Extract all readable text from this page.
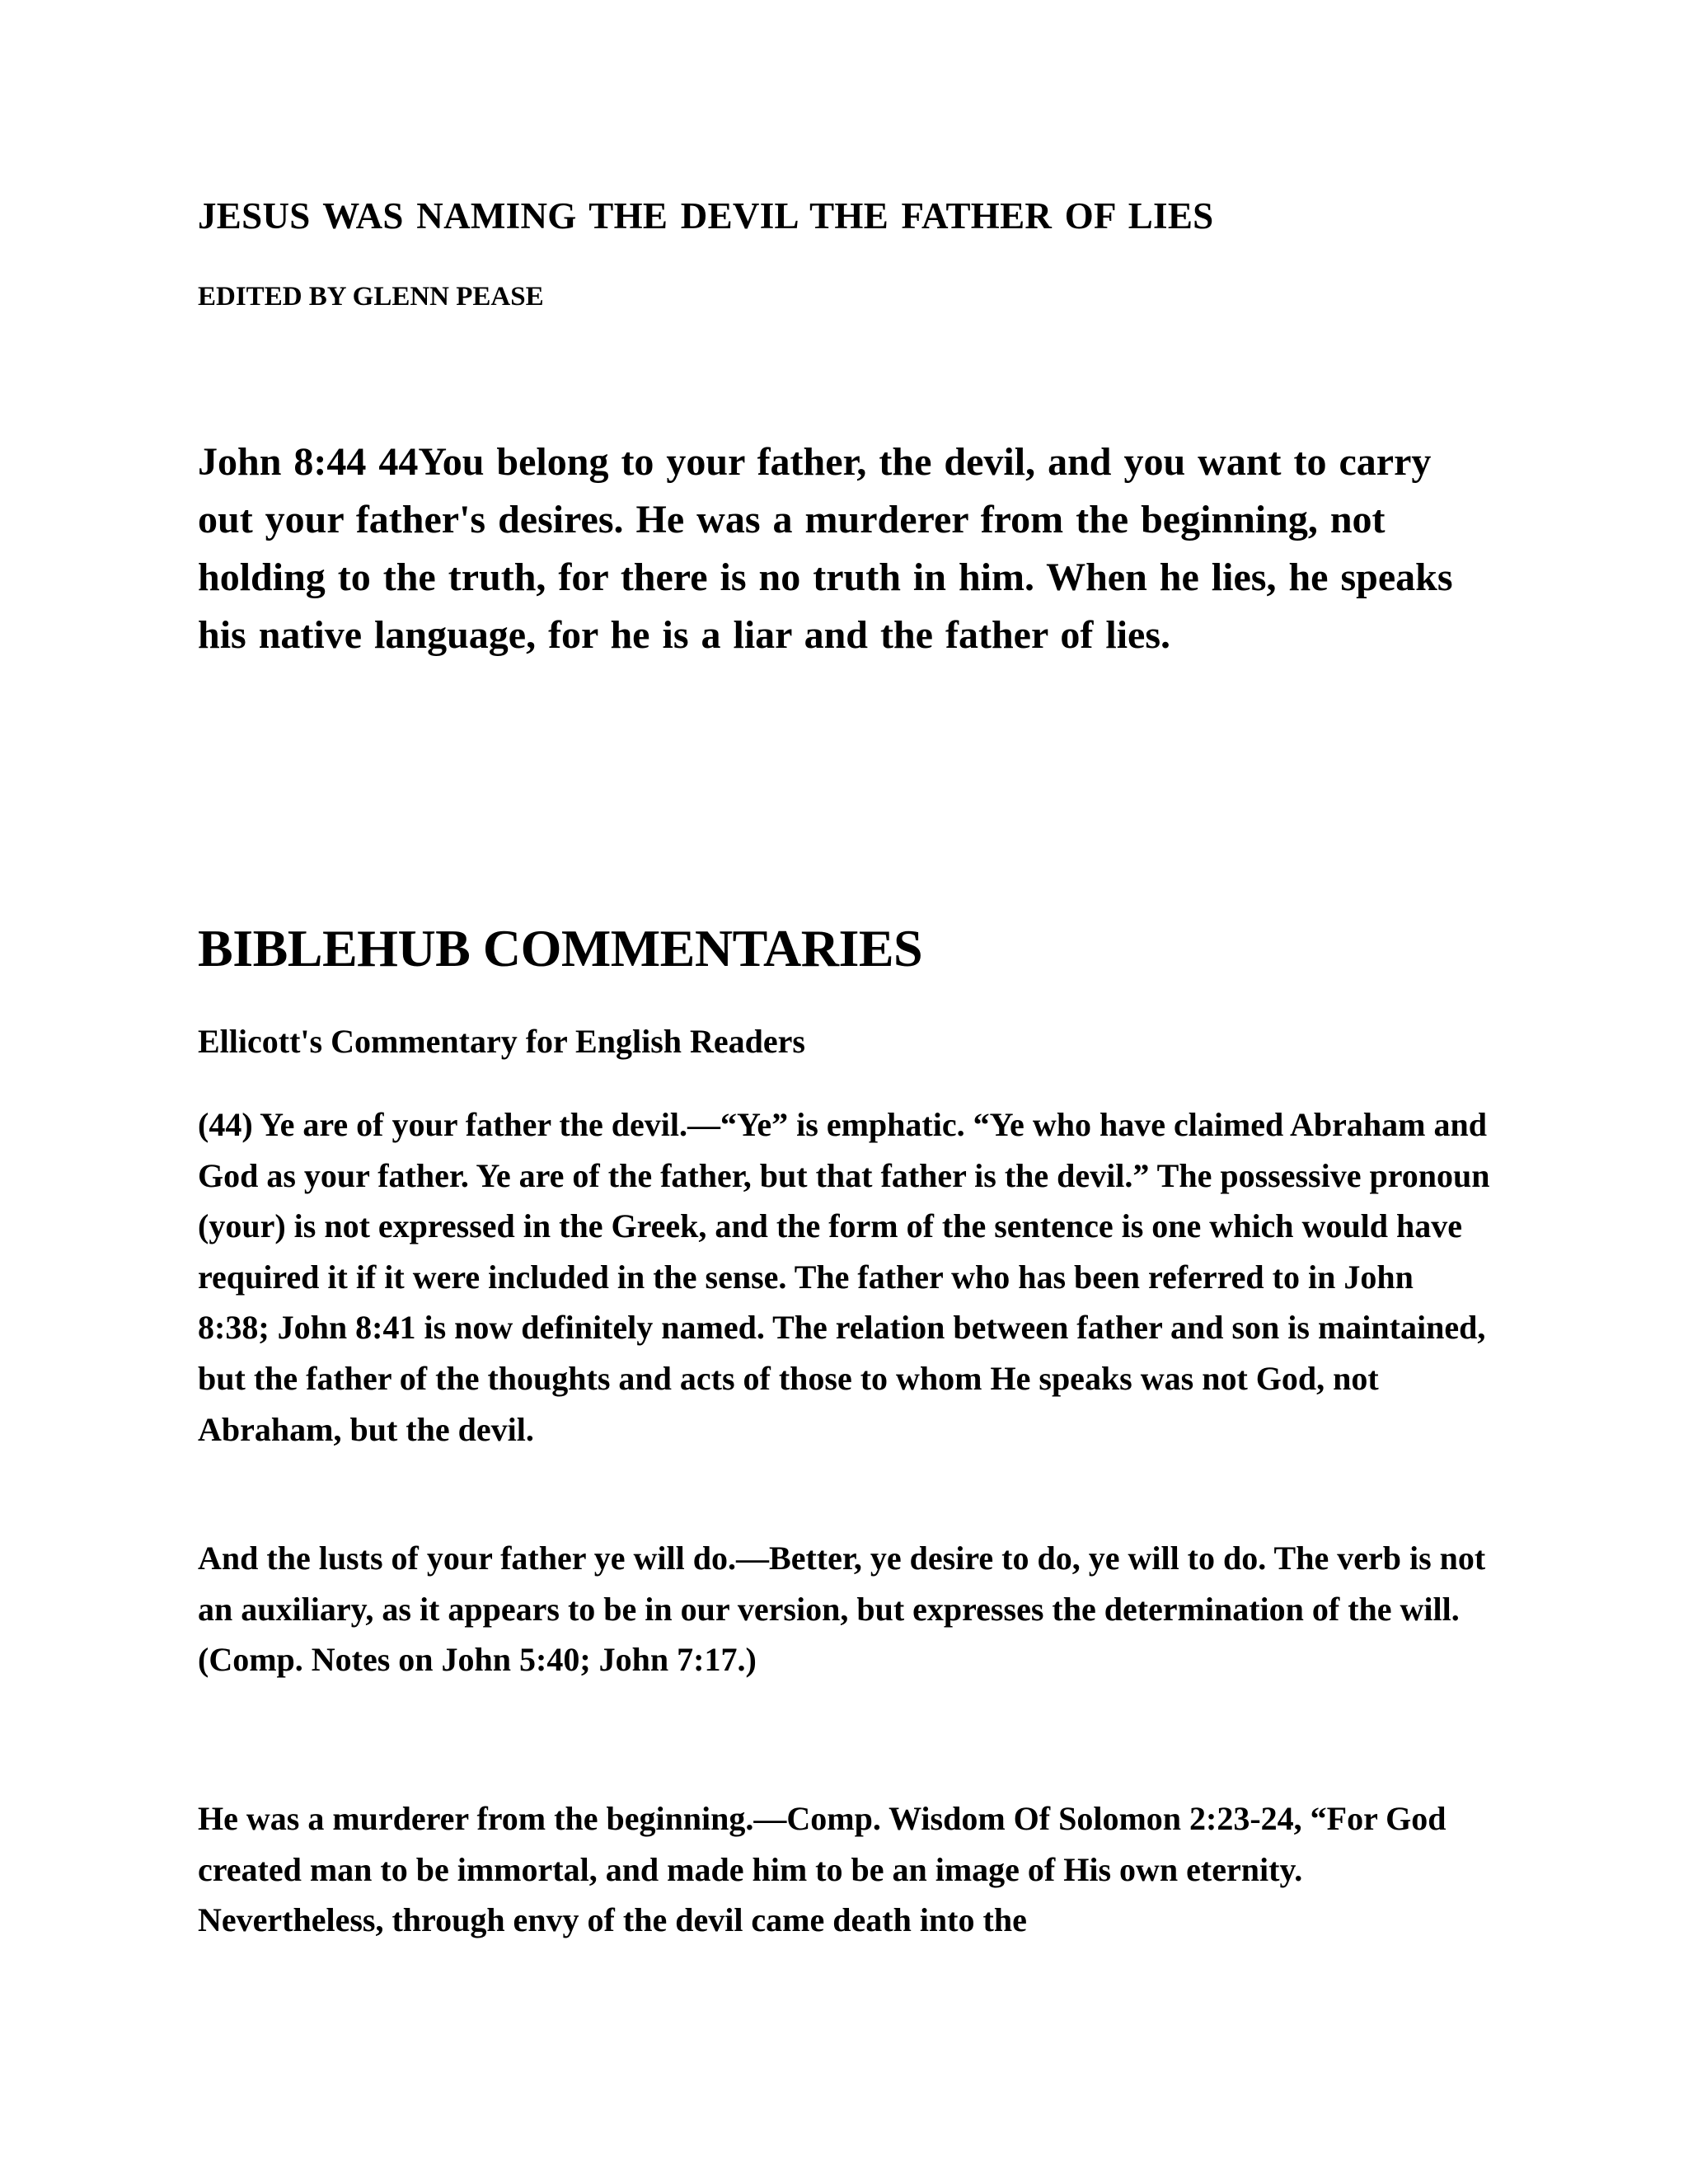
JESUS WAS NAMING THE DEVIL THE FATHER OF LIES
EDITED BY GLENN PEASE
John 8:44 44You belong to your father, the devil, and you want to carry out your father's desires. He was a murderer from the beginning, not holding to the truth, for there is no truth in him. When he lies, he speaks his native language, for he is a liar and the father of lies.
BIBLEHUB COMMENTARIES
Ellicott's Commentary for English Readers
(44) Ye are of your father the devil.—“Ye” is emphatic. “Ye who have claimed Abraham and God as your father. Ye are of the father, but that father is the devil.” The possessive pronoun (your) is not expressed in the Greek, and the form of the sentence is one which would have required it if it were included in the sense. The father who has been referred to in John 8:38; John 8:41 is now definitely named. The relation between father and son is maintained, but the father of the thoughts and acts of those to whom He speaks was not God, not Abraham, but the devil.
And the lusts of your father ye will do.—Better, ye desire to do, ye will to do. The verb is not an auxiliary, as it appears to be in our version, but expresses the determination of the will. (Comp. Notes on John 5:40; John 7:17.)
He was a murderer from the beginning.—Comp. Wisdom Of Solomon 2:23-24, “For God created man to be immortal, and made him to be an image of His own eternity. Nevertheless, through envy of the devil came death into the
